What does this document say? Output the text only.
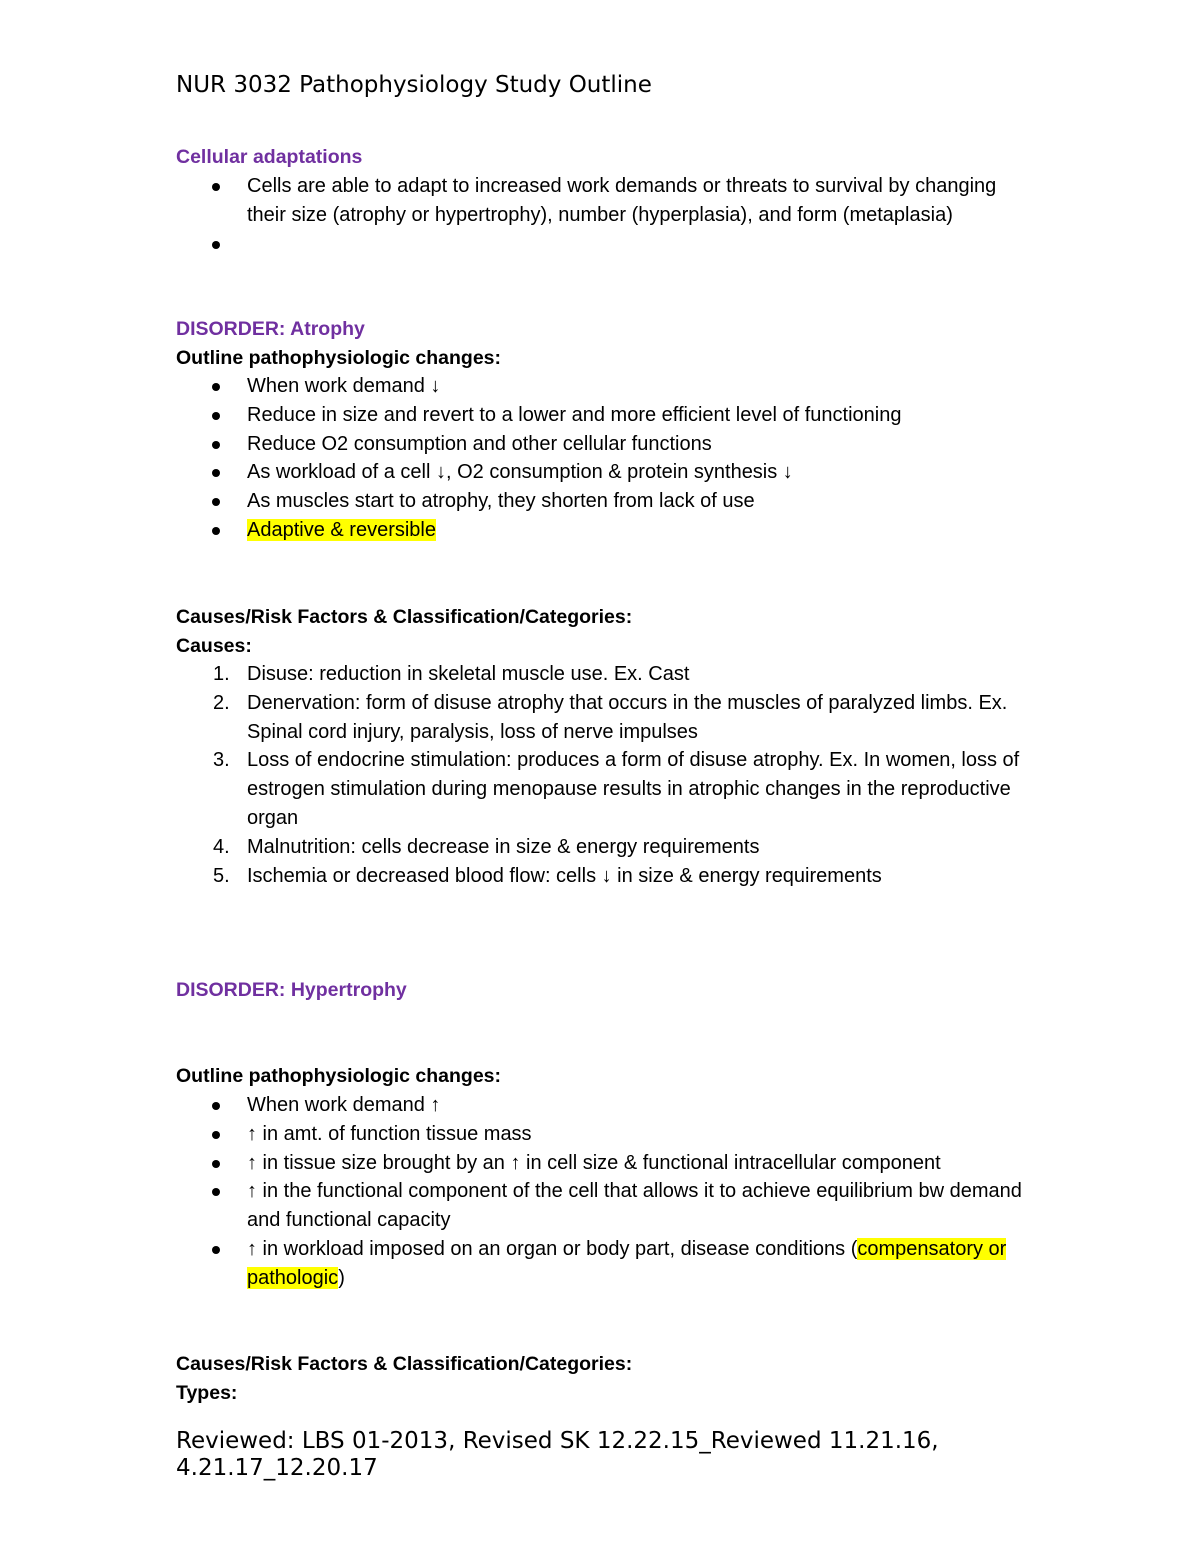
NUR 3032 Pathophysiology Study Outline
Cellular adaptations
Cells are able to adapt to increased work demands or threats to survival by changing their size (atrophy or hypertrophy), number (hyperplasia), and form (metaplasia)
DISORDER: Atrophy
Outline pathophysiologic changes:
When work demand ↓
Reduce in size and revert to a lower and more efficient level of functioning
Reduce O2 consumption and other cellular functions
As workload of a cell ↓, O2 consumption & protein synthesis ↓
As muscles start to atrophy, they shorten from lack of use
Adaptive & reversible
Causes/Risk Factors & Classification/Categories:
Causes:
1. Disuse: reduction in skeletal muscle use. Ex. Cast
2. Denervation: form of disuse atrophy that occurs in the muscles of paralyzed limbs. Ex. Spinal cord injury, paralysis, loss of nerve impulses
3. Loss of endocrine stimulation: produces a form of disuse atrophy. Ex. In women, loss of estrogen stimulation during menopause results in atrophic changes in the reproductive organ
4. Malnutrition: cells decrease in size & energy requirements
5. Ischemia or decreased blood flow: cells ↓ in size & energy requirements
DISORDER: Hypertrophy
Outline pathophysiologic changes:
When work demand ↑
↑ in amt. of function tissue mass
↑ in tissue size brought by an ↑ in cell size & functional intracellular component
↑ in the functional component of the cell that allows it to achieve equilibrium bw demand and functional capacity
↑ in workload imposed on an organ or body part, disease conditions (compensatory or pathologic)
Causes/Risk Factors & Classification/Categories:
Types:
Reviewed: LBS 01-2013, Revised SK 12.22.15_Reviewed 11.21.16, 4.21.17_12.20.17
